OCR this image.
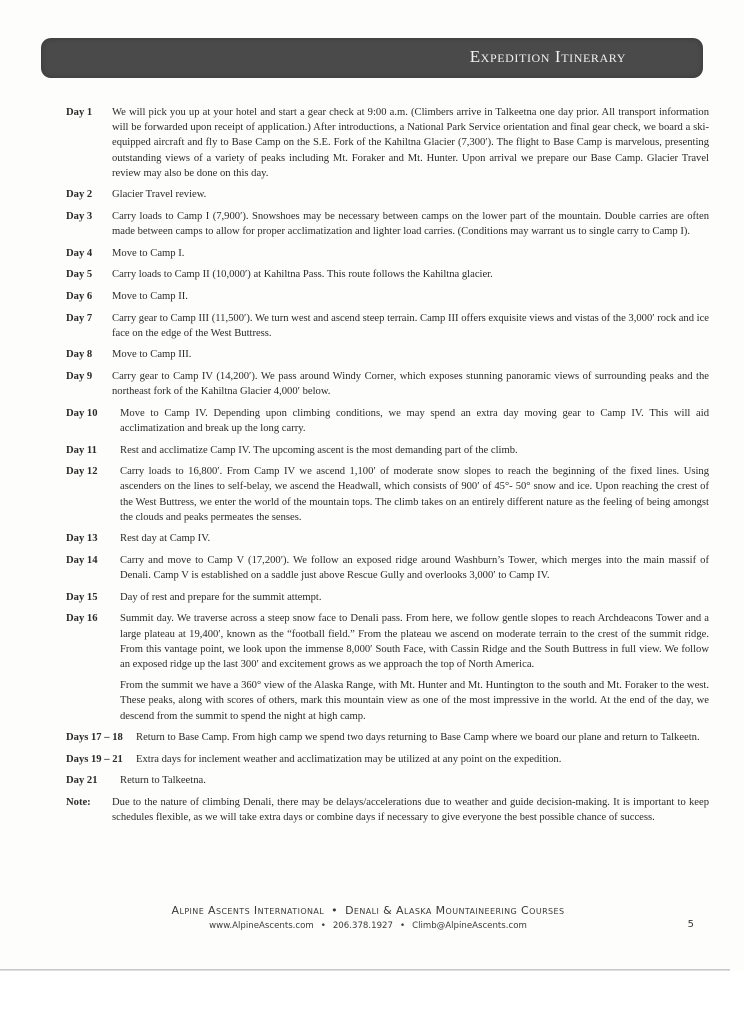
Expedition Itinerary
Day 1	We will pick you up at your hotel and start a gear check at 9:00 a.m. (Climbers arrive in Talkeetna one day prior. All transport information will be forwarded upon receipt of application.) After introductions, a National Park Service orientation and final gear check, we board a ski-equipped aircraft and fly to Base Camp on the S.E. Fork of the Kahiltna Glacier (7,300′). The flight to Base Camp is marvelous, presenting outstanding views of a variety of peaks including Mt. Foraker and Mt. Hunter. Upon arrival we prepare our Base Camp. Glacier Travel review may also be done on this day.

Day 2	Glacier Travel review.

Day 3	Carry loads to Camp I (7,900′). Snowshoes may be necessary between camps on the lower part of the mountain. Double carries are often made between camps to allow for proper acclimatization and lighter load carries. (Conditions may warrant us to single carry to Camp I).

Day 4	Move to Camp I.

Day 5	Carry loads to Camp II (10,000′) at Kahiltna Pass. This route follows the Kahiltna glacier.

Day 6	Move to Camp II.

Day 7	Carry gear to Camp III (11,500′). We turn west and ascend steep terrain. Camp III offers exquisite views and vistas of the 3,000′ rock and ice face on the edge of the West Buttress.

Day 8	Move to Camp III.

Day 9	Carry gear to Camp IV (14,200′). We pass around Windy Corner, which exposes stunning panoramic views of surrounding peaks and the northeast fork of the Kahiltna Glacier 4,000′ below.

Day 10	Move to Camp IV. Depending upon climbing conditions, we may spend an extra day moving gear to Camp IV. This will aid acclimatization and break up the long carry.

Day 11	Rest and acclimatize Camp IV. The upcoming ascent is the most demanding part of the climb.

Day 12	Carry loads to 16,800′. From Camp IV we ascend 1,100′ of moderate snow slopes to reach the beginning of the fixed lines. Using ascenders on the lines to self-belay, we ascend the Headwall, which consists of 900′ of 45°- 50° snow and ice. Upon reaching the crest of the West Buttress, we enter the world of the mountain tops. The climb takes on an entirely different nature as the feeling of being amongst the clouds and peaks permeates the senses.

Day 13	Rest day at Camp IV.

Day 14	Carry and move to Camp V (17,200′). We follow an exposed ridge around Washburn’s Tower, which merges into the main massif of Denali. Camp V is established on a saddle just above Rescue Gully and overlooks 3,000′ to Camp IV.

Day 15	Day of rest and prepare for the summit attempt.

Day 16	Summit day. We traverse across a steep snow face to Denali pass. From here, we follow gentle slopes to reach Archdeacons Tower and a large plateau at 19,400′, known as the “football field.” From the plateau we ascend on moderate terrain to the crest of the summit ridge. From this vantage point, we look upon the immense 8,000′ South Face, with Cassin Ridge and the South Buttress in full view. We follow an exposed ridge up the last 300′ and excitement grows as we approach the top of North America.

From the summit we have a 360° view of the Alaska Range, with Mt. Hunter and Mt. Huntington to the south and Mt. Foraker to the west. These peaks, along with scores of others, mark this mountain view as one of the most impressive in the world. At the end of the day, we descend from the summit to spend the night at high camp.

Days 17 – 18	Return to Base Camp. From high camp we spend two days returning to Base Camp where we board our plane and return to Talkeetn.

Days 19 – 21	Extra days for inclement weather and acclimatization may be utilized at any point on the expedition.

Day 21	Return to Talkeetna.

Note:	Due to the nature of climbing Denali, there may be delays/accelerations due to weather and guide decision-making. It is important to keep schedules flexible, as we will take extra days or combine days if necessary to give everyone the best possible chance of success.

Alpine Ascents International • Denali & Alaska Mountaineering Courses
www.AlpineAscents.com • 206.378.1927 • Climb@AlpineAscents.com	5
